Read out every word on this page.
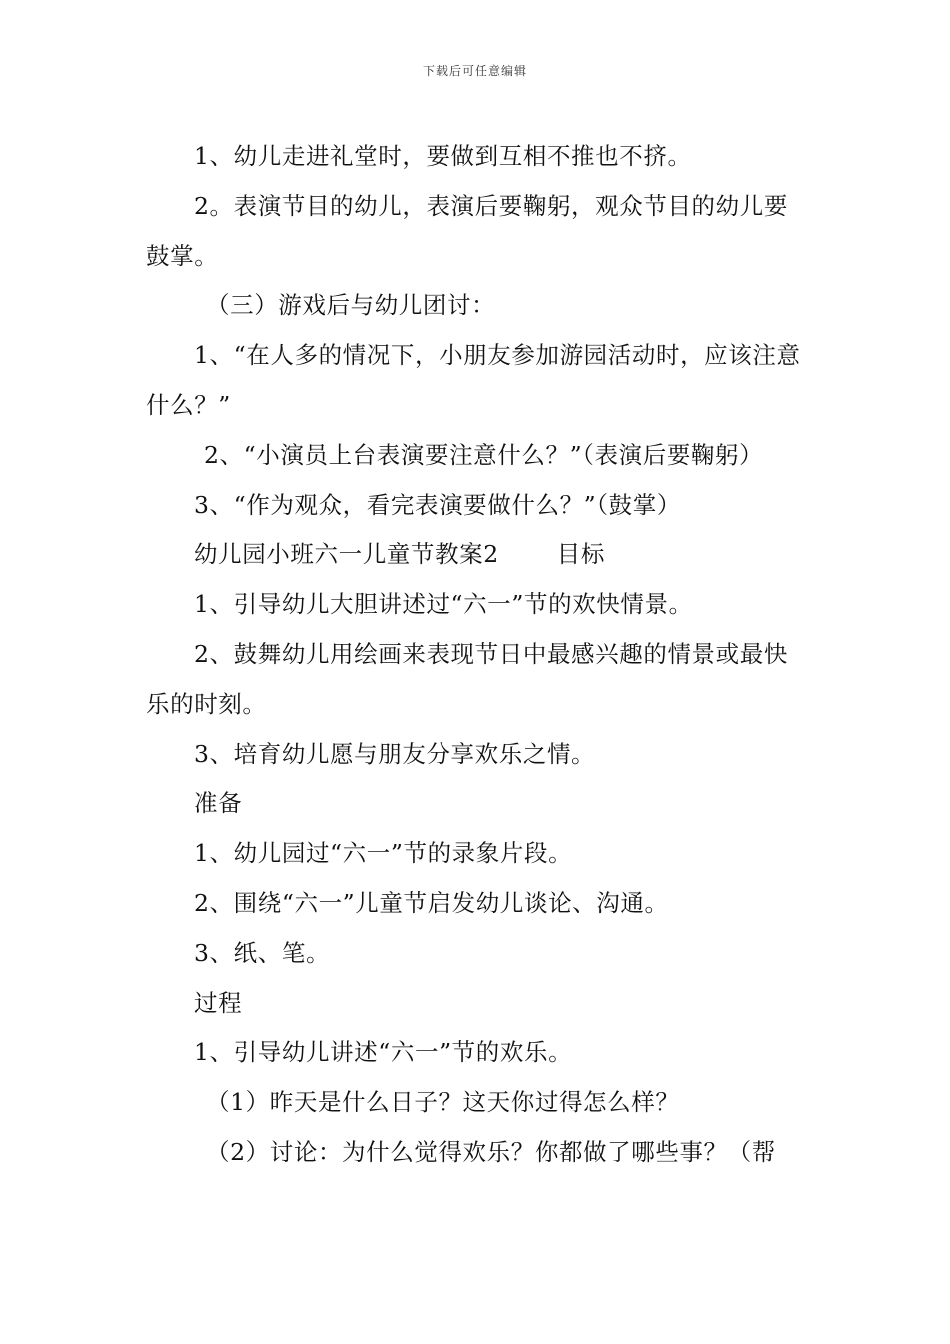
下载后可任意编辑

1、幼儿走进礼堂时，要做到互相不推也不挤。

2。表演节目的幼儿，表演后要鞠躬，观众节目的幼儿要鼓掌。

（三）游戏后与幼儿团讨：

1、“在人多的情况下，小朋友参加游园活动时，应该注意什么？”

2、“小演员上台表演要注意什么？”（表演后要鞠躬）

3、“作为观众，看完表演要做什么？”（鼓掌）

幼儿园小班六一儿童节教案2 目标

1、引导幼儿大胆讲述过“六一”节的欢快情景。

2、鼓舞幼儿用绘画来表现节日中最感兴趣的情景或最快乐的时刻。

3、培育幼儿愿与朋友分享欢乐之情。

准备

1、幼儿园过“六一”节的录象片段。

2、围绕“六一”儿童节启发幼儿谈论、沟通。

3、纸、笔。

过程

1、引导幼儿讲述“六一”节的欢乐。

（1）昨天是什么日子？这天你过得怎么样？

（2）讨论：为什么觉得欢乐？你都做了哪些事？（帮
